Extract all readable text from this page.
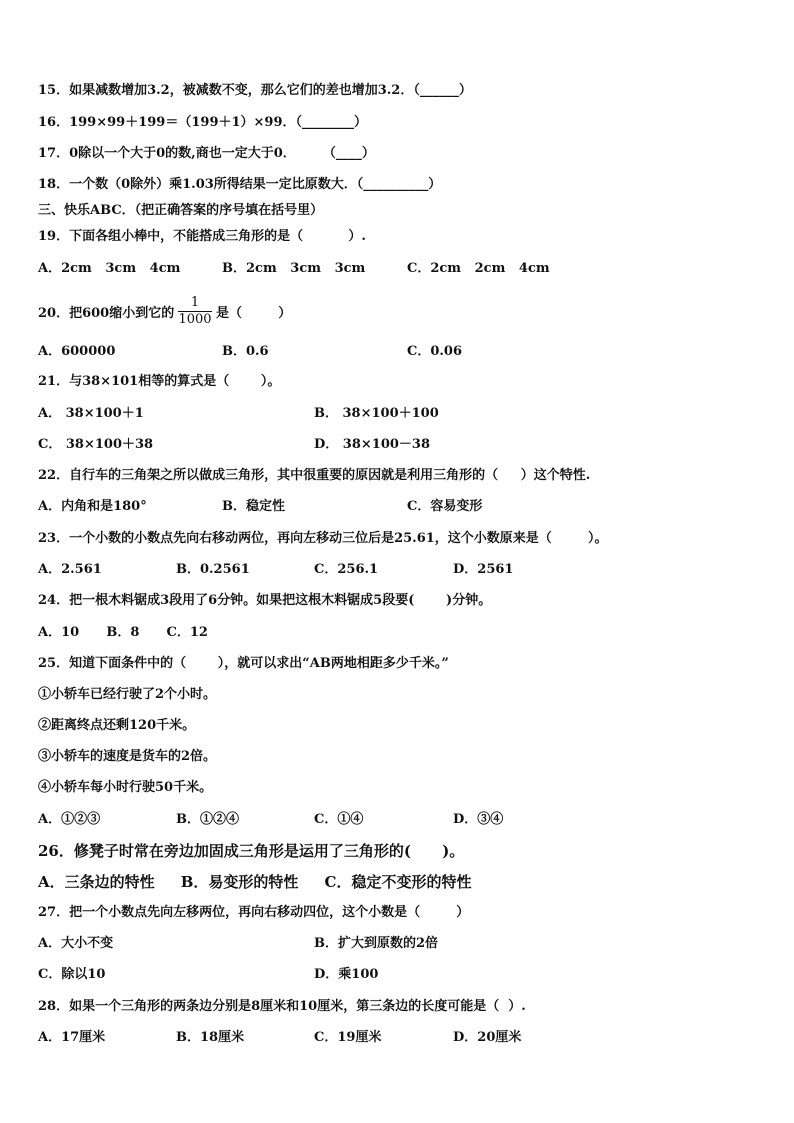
15．如果减数增加3.2，被减数不变，那么它们的差也增加3.2．（______）
16．199×99＋199＝（199＋1）×99．（________）
17．0除以一个大于0的数,商也一定大于0．      （____）
18．一个数（0除外）乘1.03所得结果一定比原数大．（__________）
三、快乐ABC．（把正确答案的序号填在括号里）
19．下面各组小棒中，不能搭成三角形的是（          ）.
A．2cm   3cm   4cm	B．2cm   3cm   3cm	C．2cm   2cm   4cm
20．把600缩小到它的
1
1000 是（        ）
A．600000	B．0.6	C．0.06
21．与38×101相等的算式是（       ）。
A． 38×100＋1	B． 38×100＋100
C． 38×100＋38	D． 38×100－38
22．自行车的三角架之所以做成三角形，其中很重要的原因就是利用三角形的（     ）这个特性.
A．内角和是180°	B．稳定性	C．容易变形
23．一个小数的小数点先向右移动两位，再向左移动三位后是25.61，这个小数原来是（        ）。
A．2.561	B．0.2561	C．256.1	D．2561
24．把一根木料锯成3段用了6分钟。如果把这根木料锯成5段要(       )分钟。
A．10      B．8      C．12
25．知道下面条件中的（       ），就可以求出“AB两地相距多少千米。”
①小轿车已经行驶了2个小时。
②距离终点还剩120千米。
③小轿车的速度是货车的2倍。
④小轿车每小时行驶50千米。
A．①②③	B．①②④	C．①④	D．③④
26．修凳子时常在旁边加固成三角形是运用了三角形的(      )。
A．三条边的特性     B．易变形的特性     C．稳定不变形的特性
27．把一个小数点先向左移两位，再向右移动四位，这个小数是（        ）
A．大小不变	B．扩大到原数的2倍
C．除以10	D．乘100
28．如果一个三角形的两条边分别是8厘米和10厘米，第三条边的长度可能是（  ）.
A．17厘米	B．18厘米	C．19厘米	D．20厘米
